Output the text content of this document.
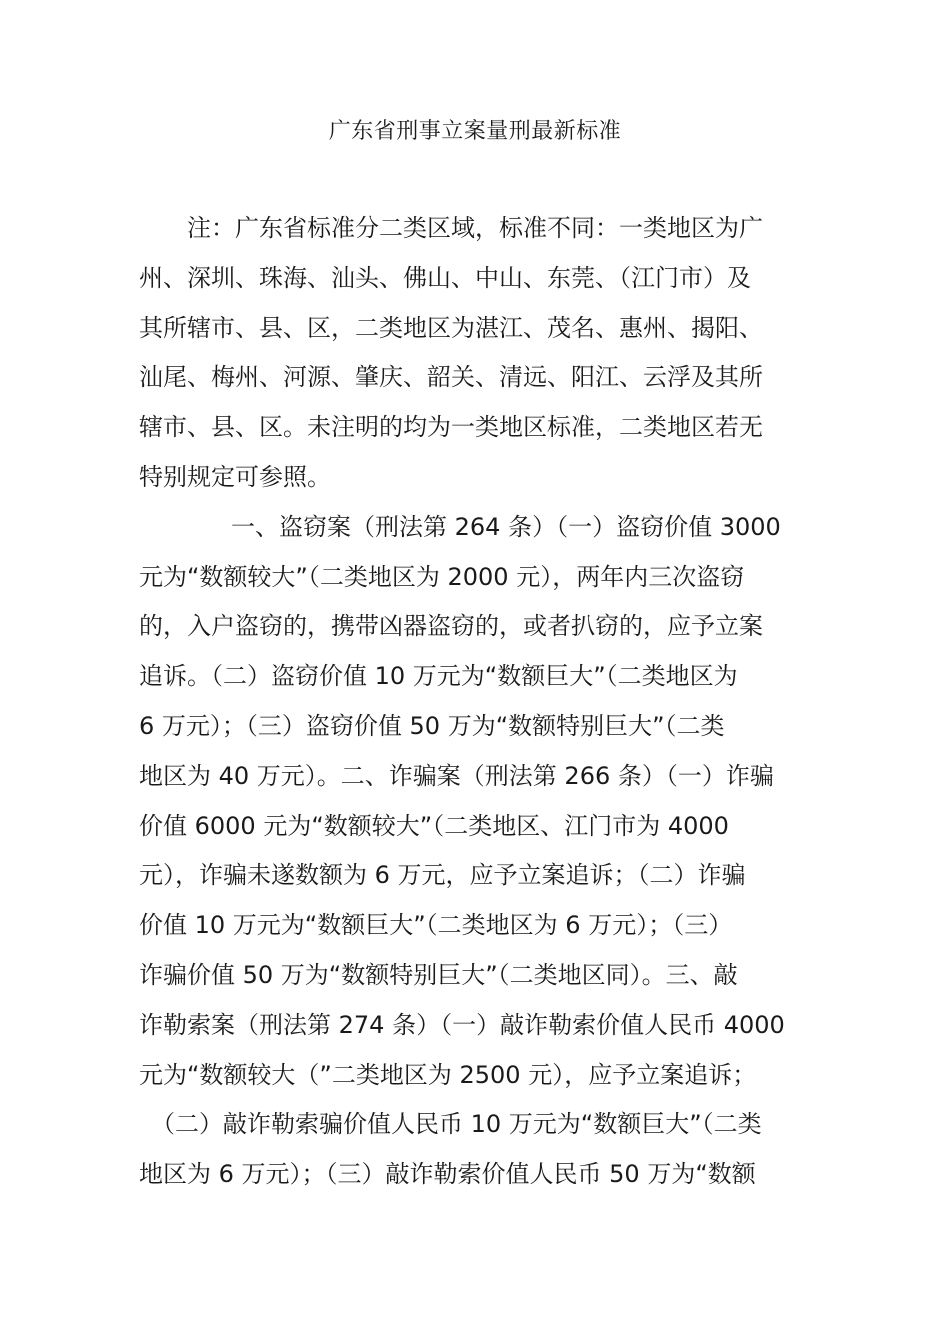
广东省刑事立案量刑最新标准
注：广东省标准分二类区域，标准不同：一类地区为广
州、深圳、珠海、汕头、佛山、中山、东莞、（江门市）及
其所辖市、县、区，二类地区为湛江、茂名、惠州、揭阳、
汕尾、梅州、河源、肇庆、韶关、清远、阳江、云浮及其所
辖市、县、区。未注明的均为一类地区标准，二类地区若无
特别规定可参照。
一、盗窃案（刑法第 264 条）（一）盗窃价值 3000
元为“数额较大”（二类地区为 2000 元），两年内三次盗窃
的，入户盗窃的，携带凶器盗窃的，或者扒窃的，应予立案
追诉。（二）盗窃价值 10 万元为“数额巨大”（二类地区为
6 万元）；（三）盗窃价值 50 万为“数额特别巨大”（二类
地区为 40 万元）。二、诈骗案（刑法第 266 条）（一）诈骗
价值 6000 元为“数额较大”（二类地区、江门市为 4000
元），诈骗未遂数额为 6 万元，应予立案追诉；（二）诈骗
价值 10 万元为“数额巨大”（二类地区为 6 万元）；（三）
诈骗价值 50 万为“数额特别巨大”（二类地区同）。三、敲
诈勒索案（刑法第 274 条）（一）敲诈勒索价值人民币 4000
元为“数额较大（”二类地区为 2500 元），应予立案追诉；
（二）敲诈勒索骗价值人民币 10 万元为“数额巨大”（二类
地区为 6 万元）；（三）敲诈勒索价值人民币 50 万为“数额
